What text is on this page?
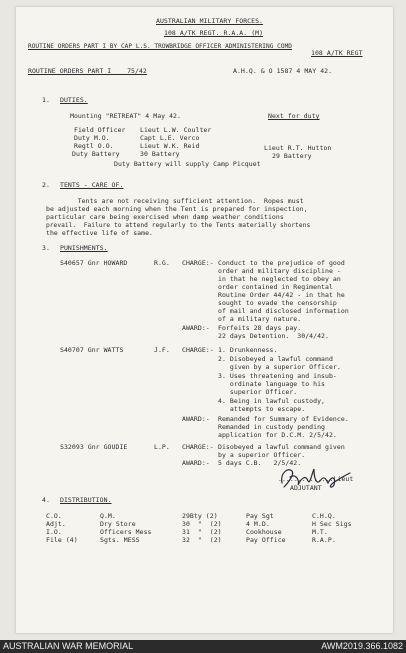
AUSTRALIAN MILITARY FORCES.
108 A/TK REGT. R.A.A. (M)
ROUTINE ORDERS PART I BY CAP L.S. TROWBRIDGE OFFICER ADMINISTERING COMD
108 A/TK REGT
ROUTINE ORDERS PART I    75/42	A.H.Q. & O 1587 4 MAY 42.
1. DUTIES.
Mounting "RETREAT" 4 May 42.	Next for duty
Field Officer Lieut L.W. Coulter
Duty M.O.	Capt L.E. Verco
Regtl O.O.	Lieut W.K. Reid	Lieut R.T. Hutton
Duty Battery	30 Battery	29 Battery
Duty Battery will supply Camp Picquet
2. TENTS - CARE OF.
Tents are not receiving sufficient attention.  Ropes must
be adjusted each morning when the Tent is prepared for inspection,
particular care being exercised when damp weather conditions
prevail.  Failure to attend regularly to the Tents materially shortens
the effective life of same.
3. PUNISHMENTS.
S40657 Gnr HOWARD	R.G. CHARGE:- Conduct to the prejudice of good
order and military discipline -
in that he neglected to obey an
order contained in Regimental
Routine Order 44/42 - in that he
sought to evade the censorship
of mail and disclosed information
of a military nature.
AWARD:- Forfeits 28 days pay.
22 days Detention.  30/4/42.
S40707 Gnr WATTS	J.F. CHARGE:- 1. Drunkenness.
2. Disobeyed a lawful command
given by a superior Officer.
3. Uses threatening and insub-
ordinate language to his
superior Officer.
4. Being in lawful custody,
attempts to escape.
AWARD:- Remanded for Summary of Evidence.
Remanded in custody pending
application for D.C.M. 2/5/42.
S32093 Gnr GOUDIE	L.P. CHARGE:- Disobeyed a lawful command given
by a superior Officer.
AWARD:- 5 days C.B.   2/5/42.
..............Lieut
ADJUTANT
4. DISTRIBUTION.
C.O.	Q.M.	29Bty (2)	Pay Sgt	C.H.Q.
Adjt.	Dry Store	30  "  (2)	4 M.D.	H Sec Sigs
I.O.	Officers Mess	31  "  (2)	Cookhouse	M.T.
File (4)	Sgts. MESS	32  "  (2)	Pay Office	R.A.P.
AUSTRALIAN WAR MEMORIAL	AWM2019.366.1082
